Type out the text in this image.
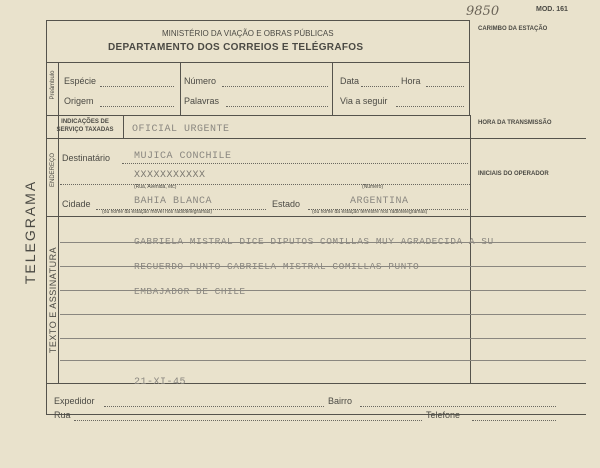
9850	MOD. 161
MINISTÉRIO DA VIAÇÃO E OBRAS PÚBLICAS
DEPARTAMENTO DOS CORREIOS E TELÉGRAFOS
CARIMBO DA ESTAÇÃO
TELEGRAMA
Preâmbulo
ENDEREÇO
TEXTO E ASSINATURA
Espécie
Origem
Número
Palavras
Data	Hora
Via a seguir
INDICAÇÕES DE SERVIÇO TAXADAS	OFICIAL URGENTE
HORA DA TRANSMISSÃO
INICIAIS DO OPERADOR
Destinatário MUJICA CONCHILE
XXXXXXXXXXX
(Rua, Avenida, etc)	(Número)
Cidade	BAHIA BLANCA	Estado	ARGENTINA
(ou nome da estação móvel nos radiotelegramas)	(ou nome da estação terrestre nos radiotelegramas)
GABRIELA MISTRAL DICE DIPUTOS COMILLAS MUY AGRADECIDA A SU
RECUERDO PUNTO GABRIELA MISTRAL COMILLAS PUNTO
EMBAJADOR DE CHILE
21-XI-45
Expedidor	Bairro
Rua	Telefone
